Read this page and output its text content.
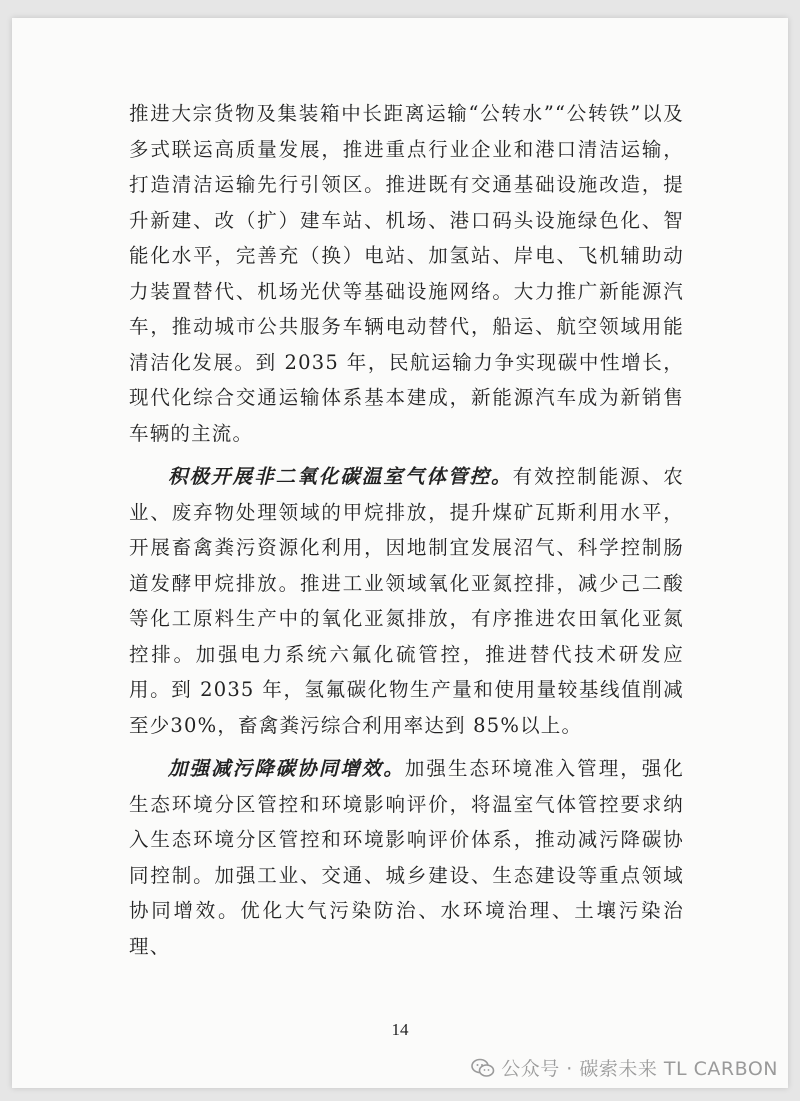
推进大宗货物及集装箱中长距离运输“公转水”“公转铁”以及多式联运高质量发展，推进重点行业企业和港口清洁运输，打造清洁运输先行引领区。推进既有交通基础设施改造，提升新建、改（扩）建车站、机场、港口码头设施绿色化、智能化水平，完善充（换）电站、加氢站、岸电、飞机辅助动力装置替代、机场光伏等基础设施网络。大力推广新能源汽车，推动城市公共服务车辆电动替代，船运、航空领域用能清洁化发展。到 2035 年，民航运输力争实现碳中性增长，现代化综合交通运输体系基本建成，新能源汽车成为新销售车辆的主流。

积极开展非二氧化碳温室气体管控。有效控制能源、农业、废弃物处理领域的甲烷排放，提升煤矿瓦斯利用水平，开展畜禽粪污资源化利用，因地制宜发展沼气、科学控制肠道发酵甲烷排放。推进工业领域氧化亚氮控排，减少己二酸等化工原料生产中的氧化亚氮排放，有序推进农田氧化亚氮控排。加强电力系统六氟化硫管控，推进替代技术研发应用。到 2035 年，氢氟碳化物生产量和使用量较基线值削减至少30%，畜禽粪污综合利用率达到 85%以上。

加强减污降碳协同增效。加强生态环境准入管理，强化生态环境分区管控和环境影响评价，将温室气体管控要求纳入生态环境分区管控和环境影响评价体系，推动减污降碳协同控制。加强工业、交通、城乡建设、生态建设等重点领域协同增效。优化大气污染防治、水环境治理、土壤污染治理、

14
公众号 · 碳索未来 TL CARBON
